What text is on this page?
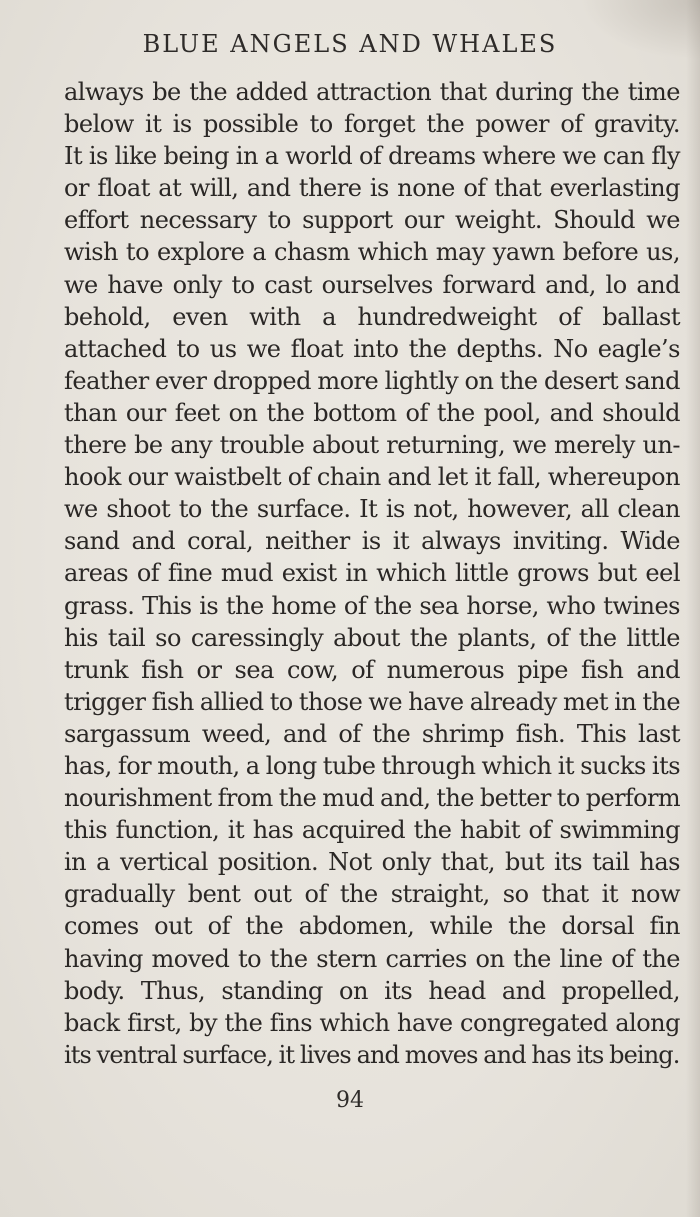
BLUE ANGELS AND WHALES
always be the added attraction that during the time
below it is possible to forget the power of gravity.
It is like being in a world of dreams where we can fly
or float at will, and there is none of that everlasting
effort necessary to support our weight. Should we
wish to explore a chasm which may yawn before us,
we have only to cast ourselves forward and, lo and
behold, even with a hundredweight of ballast
attached to us we float into the depths. No eagle’s
feather ever dropped more lightly on the desert sand
than our feet on the bottom of the pool, and should
there be any trouble about returning, we merely un-
hook our waistbelt of chain and let it fall, whereupon
we shoot to the surface. It is not, however, all clean
sand and coral, neither is it always inviting. Wide
areas of fine mud exist in which little grows but eel
grass. This is the home of the sea horse, who twines
his tail so caressingly about the plants, of the little
trunk fish or sea cow, of numerous pipe fish and
trigger fish allied to those we have already met in the
sargassum weed, and of the shrimp fish. This last
has, for mouth, a long tube through which it sucks its
nourishment from the mud and, the better to perform
this function, it has acquired the habit of swimming
in a vertical position. Not only that, but its tail has
gradually bent out of the straight, so that it now
comes out of the abdomen, while the dorsal fin
having moved to the stern carries on the line of the
body. Thus, standing on its head and propelled,
back first, by the fins which have congregated along
its ventral surface, it lives and moves and has its being.
94
